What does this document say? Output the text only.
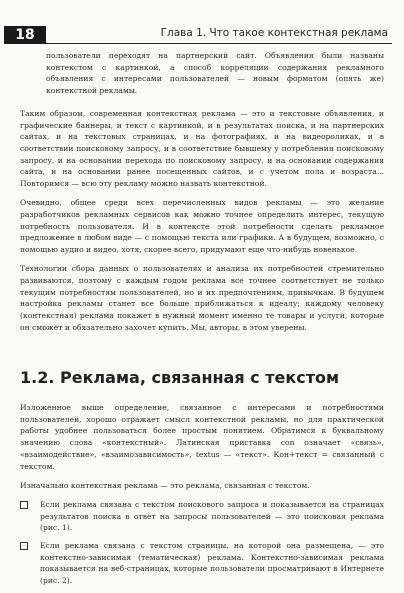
18	Глава 1. Что такое контекстная реклама

пользователи переходят на партнерский сайт. Объявления были названы контекстом с картинкой, а способ корреляции содержания рекламного объявления с интересами пользователей — новым форматом (опять же) контекстной рекламы.

Таким образом, современная контекстная реклама — это и текстовые объявления, и графические баннеры, и текст с картинкой, и в результатах поиска, и на партнерских сайтах, и на текстовых страницах, и на фотографиях, и на видеороликах, и в соответствии поисковому запросу, и в соответствие бывшему у потребления поисковому запросу, и на основании перехода по поисковому запросу, и на основании содержания сайта, и на основании ранее посещенных сайтов, и с учетом пола и возраста... Повторимся — всю эту рекламу можно назвать контекстной.

Очевидно, общее среди всех перечисленных видов рекламы — это желание разработчиков рекламных сервисов как можно точнее определить интерес, текущую потребность пользователя. И в контексте этой потребности сделать рекламное предложение в любом виде — с помощью текста или графики. А в будущем, возможно, с помощью аудио и видео, хотя, скорее всего, придумают еще что-нибудь новенькое.

Технологии сбора данных о пользователях и анализа их потребностей стремительно развиваются, поэтому с каждым годом реклама все точнее соответствует не только текущим потребностям пользователей, но и их предпочтениям, привычкам. В будущем настройка рекламы станет все больше приближаться к идеалу; каждому человеку (контекстная) реклама покажет в нужный момент именно те товары и услуги, которые он сможет и обязательно захочет купить. Мы, авторы, в этом уверены.

1.2. Реклама, связанная с текстом

Изложенное выше определение, связанное с интересами и потребностями пользователей, хорошо отражает смысл контекстной рекламы, но для практической работы удобнее пользоваться более простым понятием. Обратимся к буквальному значению слова «контекстный». Латинская приставка con означает «связь», «взаимодействие», «взаимозависимость», textus — «текст». Кон+текст = связанный с текстом.

Изначально контекстная реклама — это реклама, связанная с текстом.

Если реклама связана с текстом поискового запроса и показывается на страницах результатов поиска в ответ на запросы пользователей — это поисковая реклама (рис. 1).
Если реклама связана с текстом страницы, на которой она размещена, — это контекстно-зависимая (тематическая) реклама. Контекстно-зависимая реклама показывается на веб-страницах, которые пользователи просматривают в Интернете (рис. 2).
